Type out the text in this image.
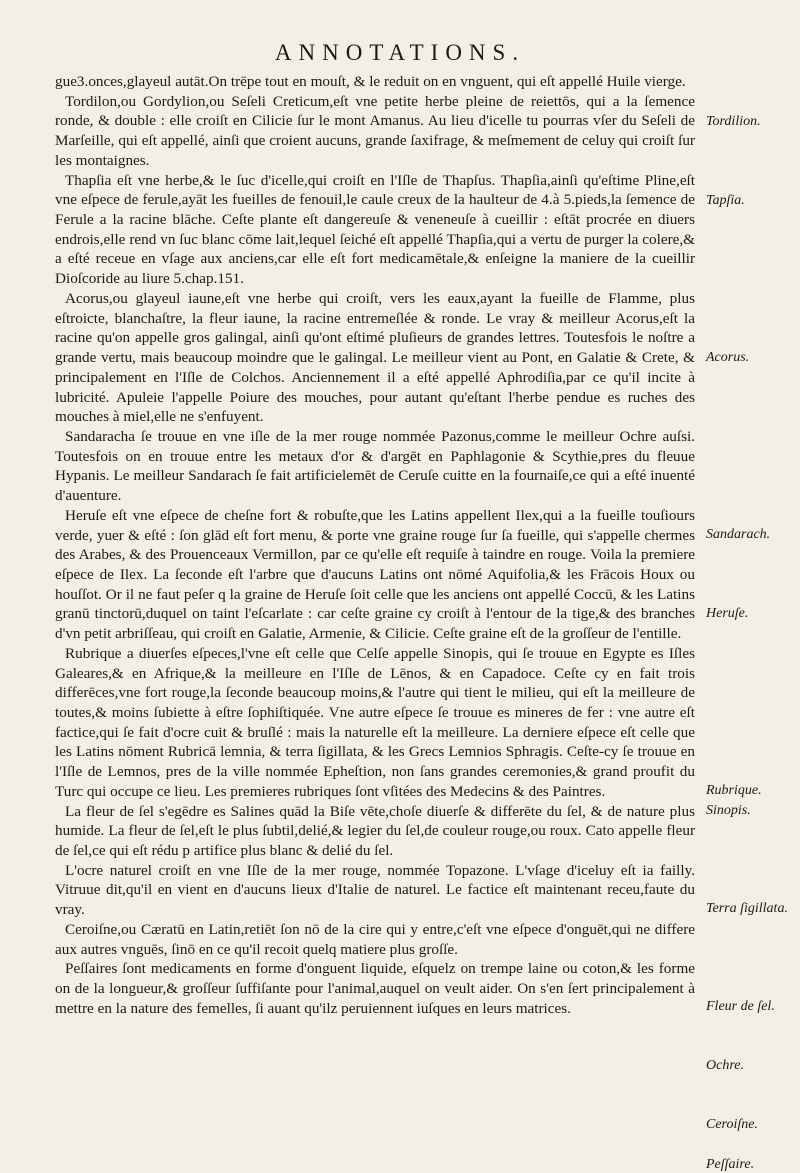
ANNOTATIONS.

gue3.onces,glayeul autāt.On trēpe tout en mouſt, & le reduit on en vnguent, qui eſt appellé Huile vierge.

Tordilon,ou Gordylion,ou Seſeli Creticum,eſt vne petite herbe pleine de reiettōs, qui a la ſemence ronde, & double : elle croiſt en Cilicie ſur le mont Amanus. Au lieu d'icelle tu pourras vſer du Seſeli de Marſeille, qui eſt appellé, ainſi que croient aucuns, grande ſaxifrage, & meſmement de celuy qui croiſt ſur les montaignes.

Thapſia eſt vne herbe,& le ſuc d'icelle,qui croiſt en l'Iſle de Thapſus. Thapſia,ainſi qu'eſtime Pline,eſt vne eſpece de ferule,ayāt les fueilles de fenouil,le caule creux de la haulteur de 4.à 5.pieds,la ſemence de Ferule a la racine blāche. Ceſte plante eſt dangereuſe & veneneuſe à cueillir : eſtāt procrée en diuers endrois,elle rend vn ſuc blanc cōme lait,lequel ſeiché eſt appellé Thapſia,qui a vertu de purger la colere,& a eſté receue en vſage aux anciens,car elle eſt fort medicamētale,& enſeigne la maniere de la cueillir Dioſcoride au liure 5.chap.151.

Acorus,ou glayeul iaune,eſt vne herbe qui croiſt, vers les eaux,ayant la fueille de Flamme, plus eſtroicte, blanchaſtre, la fleur iaune, la racine entremeſlée & ronde. Le vray & meilleur Acorus,eſt la racine qu'on appelle gros galingal, ainſi qu'ont eſtimé pluſieurs de grandes lettres. Toutesfois le noſtre a grande vertu, mais beaucoup moindre que le galingal. Le meilleur vient au Pont, en Galatie & Crete, & principalement en l'Iſle de Colchos. Anciennement il a eſté appellé Aphrodiſia,par ce qu'il incite à lubricité. Apuleie l'appelle Poiure des mouches, pour autant qu'eſtant l'herbe pendue es ruches des mouches à miel,elle ne s'enfuyent.

Sandaracha ſe trouue en vne iſle de la mer rouge nommée Pazonus,comme le meilleur Ochre auſsi. Toutesfois on en trouue entre les metaux d'or & d'argēt en Paphlagonie & Scythie,pres du fleuue Hypanis. Le meilleur Sandarach ſe fait artificielemēt de Ceruſe cuitte en la fournaiſe,ce qui a eſté inuenté d'auenture.

Heruſe eſt vne eſpece de cheſne fort & robuſte,que les Latins appellent Ilex,qui a la fueille touſiours verde, yuer & eſté : ſon glād eſt fort menu, & porte vne graine rouge ſur ſa fueille, qui s'appelle chermes des Arabes, & des Prouenceaux Vermillon, par ce qu'elle eſt requiſe à taindre en rouge. Voila la premiere eſpece de Ilex. La ſeconde eſt l'arbre que d'aucuns Latins ont nōmé Aquifolia,& les Frācois Houx ou houſſot. Or il ne faut peſer q la graine de Heruſe ſoit celle que les anciens ont appellé Coccū, & les Latins granū tinctorū,duquel on taint l'eſcarlate : car ceſte graine cy croiſt à l'entour de la tige,& des branches d'vn petit arbriſſeau, qui croiſt en Galatie, Armenie, & Cilicie. Ceſte graine eſt de la groſſeur de l'entille.

Rubrique a diuerſes eſpeces,l'vne eſt celle que Celſe appelle Sinopis, qui ſe trouue en Egypte es Iſles Galeares,& en Afrique,& la meilleure en l'Iſle de Lēnos, & en Capadoce. Ceſte cy en fait trois differēces,vne fort rouge,la ſeconde beaucoup moins,& l'autre qui tient le milieu, qui eſt la meilleure de toutes,& moins ſubiette à eſtre ſophiſtiquée. Vne autre eſpece ſe trouue es mineres de fer : vne autre eſt factice,qui ſe fait d'ocre cuit & bruſlé : mais la naturelle eſt la meilleure. La derniere eſpece eſt celle que les Latins nōment Rubricā lemnia, & terra ſigillata, & les Grecs Lemnios Sphragis. Ceſte-cy ſe trouue en l'Iſle de Lemnos, pres de la ville nommée Epheſtion, non ſans grandes ceremonies,& grand proufit du Turc qui occupe ce lieu. Les premieres rubriques ſont vſitées des Medecins & des Paintres.

La fleur de ſel s'egēdre es Salines quād la Biſe vēte,choſe diuerſe & differēte du ſel, & de nature plus humide. La fleur de ſel,eſt le plus ſubtil,delié,& legier du ſel,de couleur rouge,ou roux. Cato appelle fleur de ſel,ce qui eſt rédu p artifice plus blanc & delié du ſel.

L'ocre naturel croiſt en vne Iſle de la mer rouge, nommée Topazone. L'vſage d'iceluy eſt ia failly. Vitruue dit,qu'il en vient en d'aucuns lieux d'Italie de naturel. Le factice eſt maintenant receu,faute du vray.

Ceroiſne,ou Cæratū en Latin,retiēt ſon nō de la cire qui y entre,c'eſt vne eſpece d'onguēt,qui ne differe aux autres vnguēs, ſinō en ce qu'il recoit quelq matiere plus groſſe.

Peſſaires ſont medicaments en forme d'onguent liquide, eſquelz on trempe laine ou coton,& les forme on de la longueur,& groſſeur ſuffiſante pour l'animal,auquel on veult aider. On s'en ſert principalement à mettre en la nature des femelles, ſi auant qu'ilz peruiennent iuſques en leurs matrices.

Tordilion.
Tapſia.
Acorus.
Sandarach.
Heruſe.
Rubrique.
Sinopis.
Terra ſigillata.
Fleur de ſel.
Ochre.
Ceroiſne.
Peſſaire.
